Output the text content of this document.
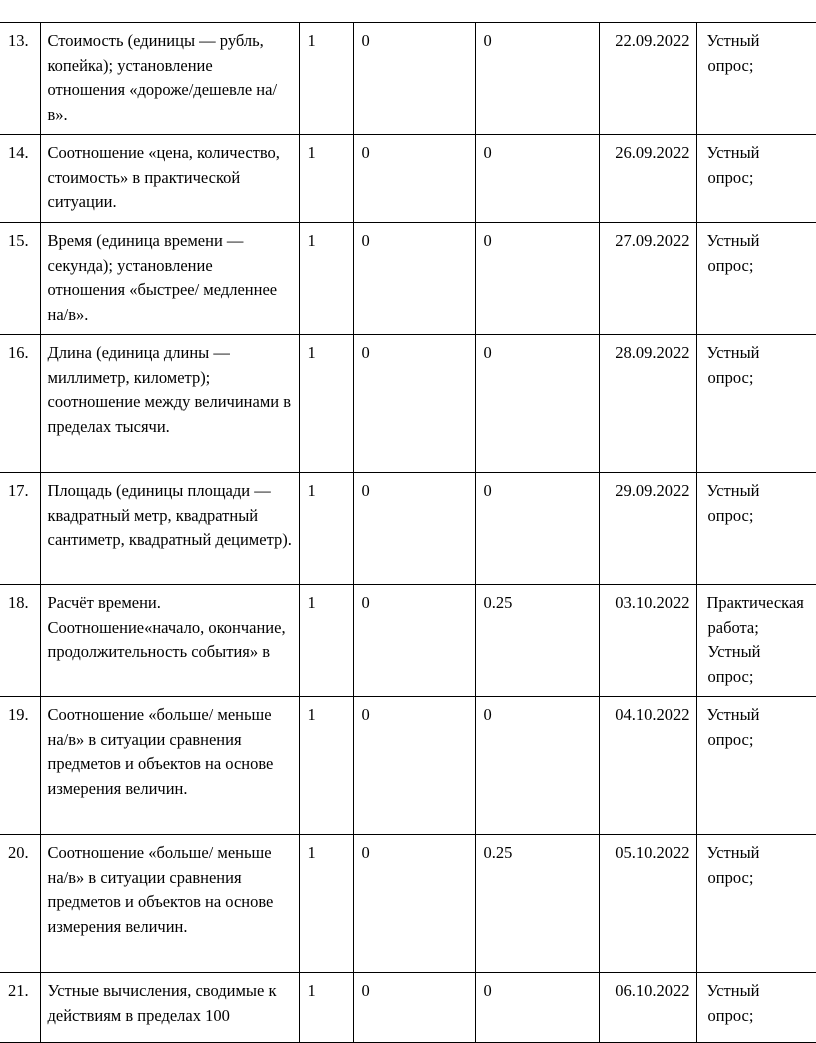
13.	Стоимость (единицы — рубль, копейка); установление отношения «дороже/дешевле на/в».	1	0	0	22.09.2022	Устный
опрос;

14.	Соотношение «цена, количество, стоимость» в практической ситуации.	1	0	0	26.09.2022	Устный
опрос;

15.	Время (единица времени — секунда); установление отношения «быстрее/ медленнее на/в».	1	0	0	27.09.2022	Устный
опрос;

16.	Длина (единица длины — миллиметр, километр); соотношение между величинами в пределах тысячи.	1	0	0	28.09.2022	Устный
опрос;

17.	Площадь (единицы площади — квадратный метр, квадратный сантиметр, квадратный дециметр).	1	0	0	29.09.2022	Устный
опрос;

18.	Расчёт времени. Соотношение«начало, окончание, продолжительность события» в	1	0	0.25	03.10.2022	Практическая
работа;
Устный
опрос;

19.	Соотношение «больше/ меньше на/в» в ситуации сравнения предметов и объектов на основе измерения величин.	1	0	0	04.10.2022	Устный
опрос;

20.	Соотношение «больше/ меньше на/в» в ситуации сравнения предметов и объектов на основе измерения величин.	1	0	0.25	05.10.2022	Устный
опрос;

21.	Устные вычисления, сводимые к действиям в пределах 100	1	0	0	06.10.2022	Устный
опрос;
